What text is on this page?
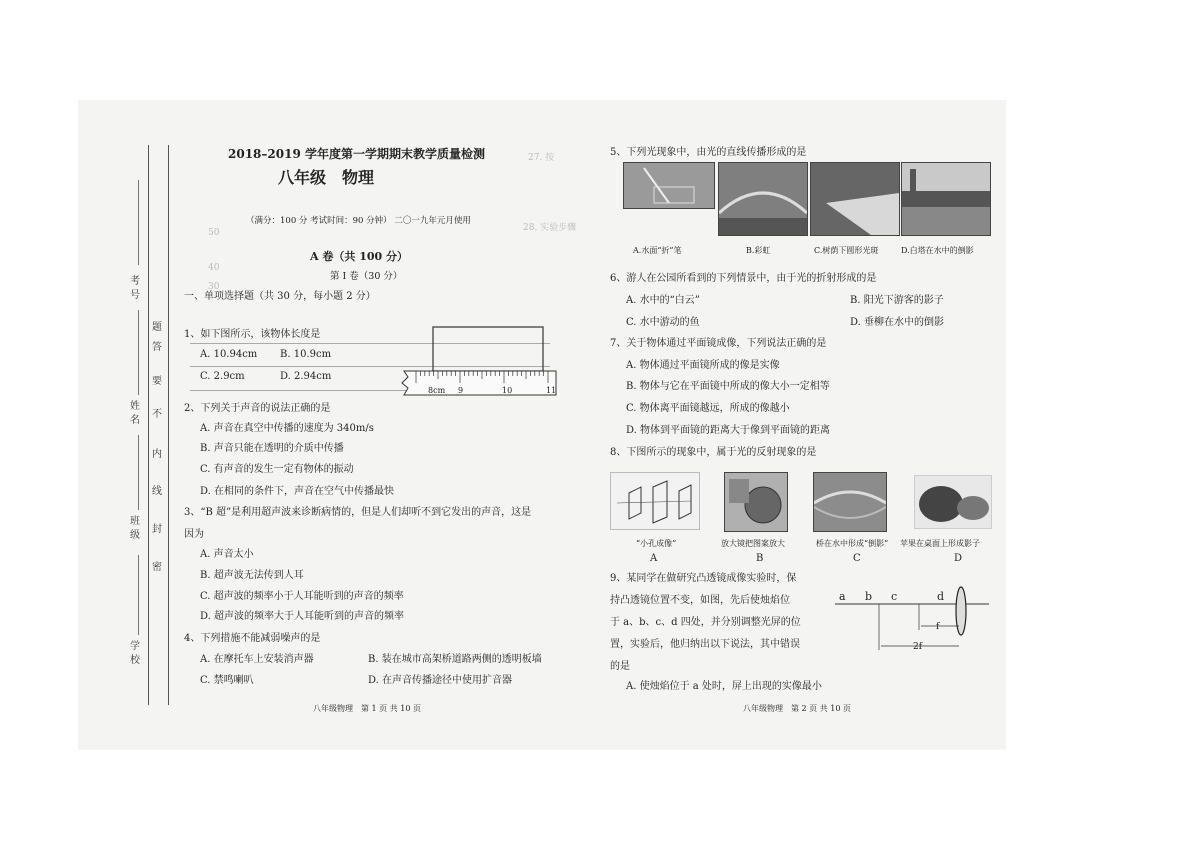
考号
姓名
班级
学校
题
答
要
不
内
线
封
密
27. 按
28. 实验步骤
50
40
30
2018–2019 学年度第一学期期末教学质量检测
八年级　物理
（满分：100 分 考试时间：90 分钟） 二〇一九年元月使用
A 卷（共 100 分）
第 I 卷（30 分）
一、单项选择题（共 30 分，每小题 2 分）
1、如下图所示，该物体长度是
A. 10.94cm B. 10.9cm
C. 2.9cm	D. 2.94cm
8cm 9	10	11
2、下列关于声音的说法正确的是
A. 声音在真空中传播的速度为 340m/s
B. 声音只能在透明的介质中传播
C. 有声音的发生一定有物体的振动
D. 在相同的条件下，声音在空气中传播最快
3、“B 超”是利用超声波来诊断病情的，但是人们却听不到它发出的声音，这是
因为
A. 声音太小
B. 超声波无法传到人耳
C. 超声波的频率小于人耳能听到的声音的频率
D. 超声波的频率大于人耳能听到的声音的频率
4、下列措施不能减弱噪声的是
A. 在摩托车上安装消声器	B. 装在城市高架桥道路两侧的透明板墙
C. 禁鸣喇叭	D. 在声音传播途径中使用扩音器
八年级物理　第 1 页 共 10 页
5、下列光现象中，由光的直线传播形成的是
A.水面“折”笔	B.彩虹	C.树荫下圆形光斑	D.白塔在水中的倒影
6、游人在公园所看到的下列情景中，由于光的折射形成的是
A. 水中的“白云”	B. 阳光下游客的影子
C. 水中游动的鱼	D. 垂柳在水中的倒影
7、关于物体通过平面镜成像，下列说法正确的是
A. 物体通过平面镜所成的像是实像
B. 物体与它在平面镜中所成的像大小一定相等
C. 物体离平面镜越远，所成的像越小
D. 物体到平面镜的距离大于像到平面镜的距离
8、下图所示的现象中，属于光的反射现象的是
“小孔成像”	放大镜把图案放大	桥在水中形成“倒影” 苹果在桌面上形成影子
A	B	C	D
9、某同学在做研究凸透镜成像实验时，保
持凸透镜位置不变，如图，先后使烛焰位
于 a、b、c、d 四处，并分别调整光屏的位
置，实验后，他归纳出以下说法，其中错误
的是
A. 使烛焰位于 a 处时，屏上出现的实像最小
a b c	d
f
2f
八年级物理　第 2 页 共 10 页
